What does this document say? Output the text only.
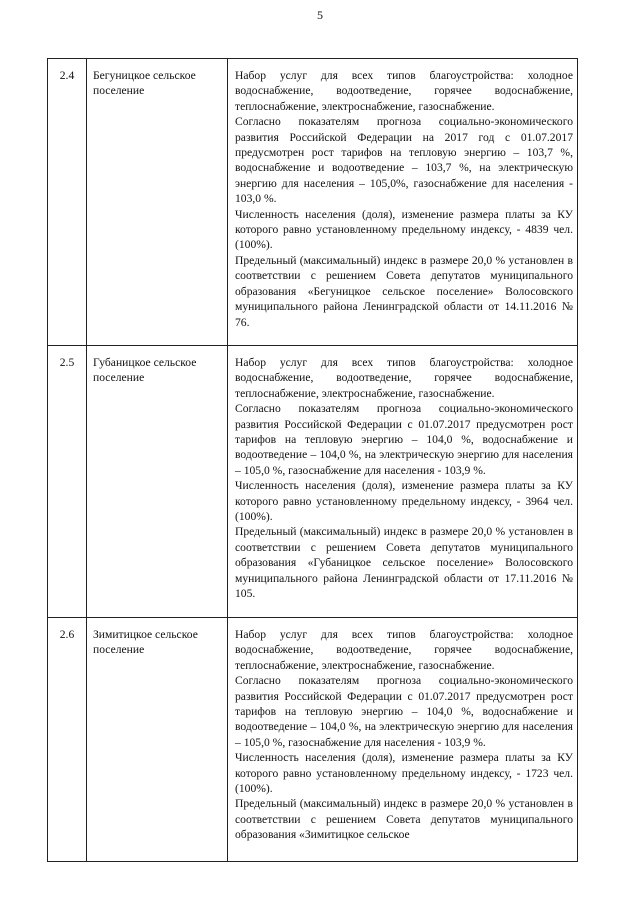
5
2.4	Бегуницкое сельское поселение	Набор услуг для всех типов благоустройства: холодное водоснабжение, водоотведение, горячее водоснабжение, теплоснабжение, электроснабжение, газоснабжение.

Согласно показателям прогноза социально-экономического развития Российской Федерации на 2017 год с 01.07.2017 предусмотрен рост тарифов на тепловую энергию – 103,7 %, водоснабжение и водоотведение – 103,7 %, на электрическую энергию для населения – 105,0%, газоснабжение для населения - 103,0 %.

Численность населения (доля), изменение размера платы за КУ которого равно установленному предельному индексу, - 4839 чел. (100%).

Предельный (максимальный) индекс в размере 20,0 % установлен в соответствии с решением Совета депутатов муниципального образования «Бегуницкое сельское поселение» Волосовского муниципального района Ленинградской области от 14.11.2016 № 76.

2.5	Губаницкое сельское поселение	Набор услуг для всех типов благоустройства: холодное водоснабжение, водоотведение, горячее водоснабжение, теплоснабжение, электроснабжение, газоснабжение.

Согласно показателям прогноза социально-экономического развития Российской Федерации с 01.07.2017 предусмотрен рост тарифов на тепловую энергию – 104,0 %, водоснабжение и водоотведение – 104,0 %, на электрическую энергию для населения – 105,0 %, газоснабжение для населения - 103,9 %.

Численность населения (доля), изменение размера платы за КУ которого равно установленному предельному индексу, - 3964 чел. (100%).

Предельный (максимальный) индекс в размере 20,0 % установлен в соответствии с решением Совета депутатов муниципального образования «Губаницкое сельское поселение» Волосовского муниципального района Ленинградской области от 17.11.2016 № 105.

2.6	Зимитицкое сельское поселение	Набор услуг для всех типов благоустройства: холодное водоснабжение, водоотведение, горячее водоснабжение, теплоснабжение, электроснабжение, газоснабжение.

Согласно показателям прогноза социально-экономического развития Российской Федерации с 01.07.2017 предусмотрен рост тарифов на тепловую энергию – 104,0 %, водоснабжение и водоотведение – 104,0 %, на электрическую энергию для населения – 105,0 %, газоснабжение для населения - 103,9 %.

Численность населения (доля), изменение размера платы за КУ которого равно установленному предельному индексу, - 1723 чел. (100%).

Предельный (максимальный) индекс в размере 20,0 % установлен в соответствии с решением Совета депутатов муниципального образования «Зимитицкое сельское
